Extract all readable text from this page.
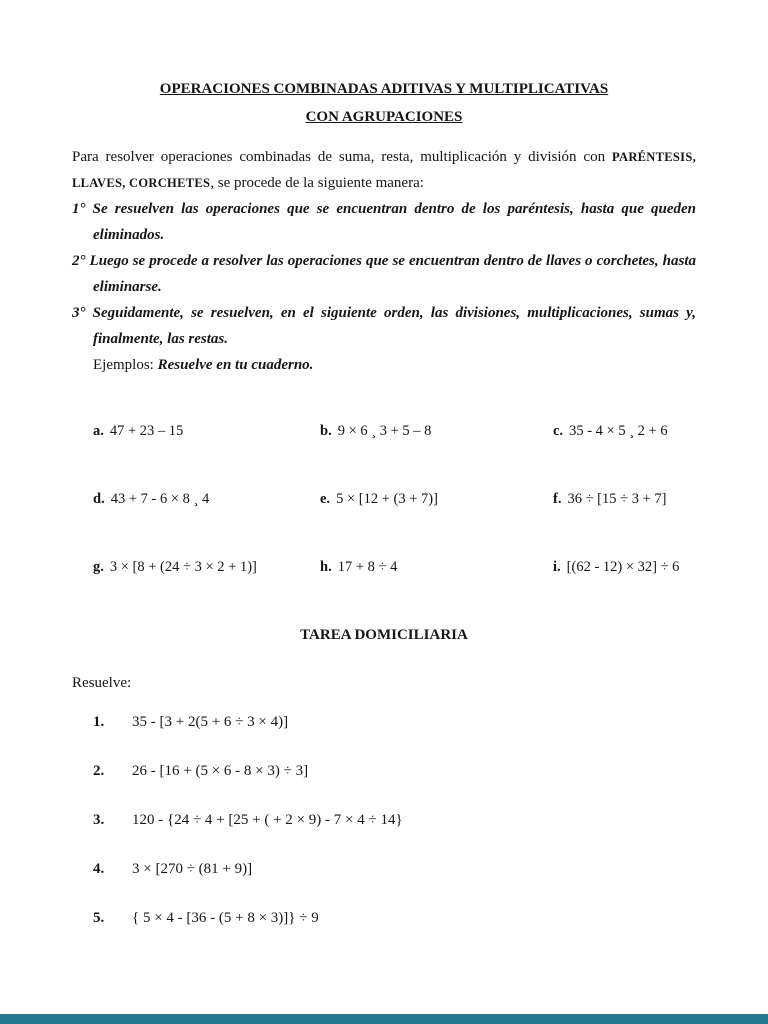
OPERACIONES COMBINADAS ADITIVAS Y MULTIPLICATIVAS
CON AGRUPACIONES

Para resolver operaciones combinadas de suma, resta, multiplicación y división con PARÉNTESIS, LLAVES, CORCHETES, se procede de la siguiente manera:

1° Se resuelven las operaciones que se encuentran dentro de los paréntesis, hasta que queden eliminados.

2° Luego se procede a resolver las operaciones que se encuentran dentro de llaves o corchetes, hasta eliminarse.

3° Seguidamente, se resuelven, en el siguiente orden, las divisiones, multiplicaciones, sumas y, finalmente, las restas.

Ejemplos: Resuelve en tu cuaderno.

a. 47 + 23 – 15	b. 9 × 6 ¸ 3 + 5 – 8	c. 35 - 4 × 5 ¸ 2 + 6
d. 43 + 7 - 6 × 8 ¸ 4	e. 5 × [12 + (3 + 7)]	f. 36 ÷ [15 ÷ 3 + 7]
g. 3 × [8 + (24 ÷ 3 × 2 + 1)]	h. 17 + 8 ÷ 4	i. [(62 - 12) × 32] ÷ 6
TAREA DOMICILIARIA

Resuelve:

1.	35 - [3 + 2(5 + 6 ÷ 3 × 4)]
2.	26 - [16 + (5 × 6 - 8 × 3) ÷ 3]
3.	120 - {24 ÷ 4 + [25 + ( + 2 × 9) - 7 × 4 ÷ 14}
4.	3 × [270 ÷ (81 + 9)]
5.	{ 5 × 4 - [36 - (5 + 8 × 3)]} ÷ 9
